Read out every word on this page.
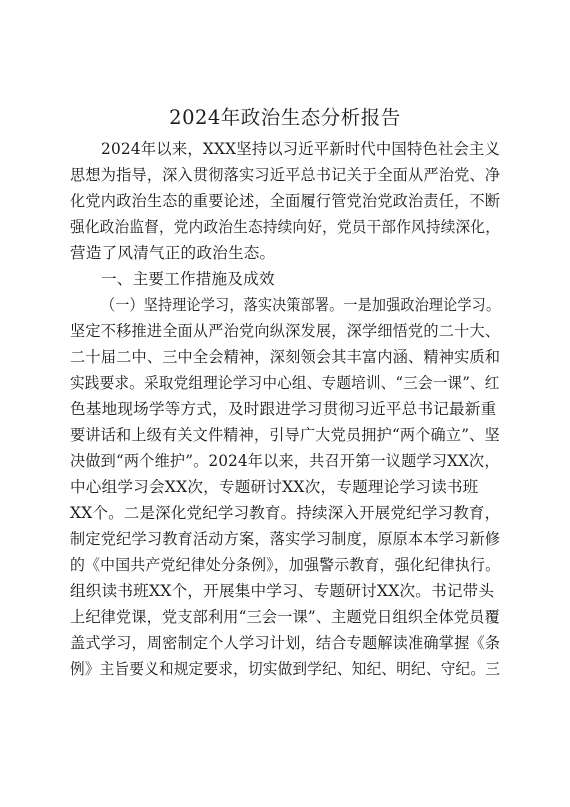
2024年政治生态分析报告
2024年以来，XXX坚持以习近平新时代中国特色社会主义
思想为指导，深入贯彻落实习近平总书记关于全面从严治党、净
化党内政治生态的重要论述，全面履行管党治党政治责任，不断
强化政治监督，党内政治生态持续向好，党员干部作风持续深化，
营造了风清气正的政治生态。
一、主要工作措施及成效
（一）坚持理论学习，落实决策部署。一是加强政治理论学习。
坚定不移推进全面从严治党向纵深发展，深学细悟党的二十大、
二十届二中、三中全会精神，深刻领会其丰富内涵、精神实质和
实践要求。采取党组理论学习中心组、专题培训、“三会一课”、红
色基地现场学等方式，及时跟进学习贯彻习近平总书记最新重
要讲话和上级有关文件精神，引导广大党员拥护“两个确立”、坚
决做到“两个维护”。2024年以来，共召开第一议题学习XX次，
中心组学习会XX次，专题研讨XX次，专题理论学习读书班
XX个。二是深化党纪学习教育。持续深入开展党纪学习教育，
制定党纪学习教育活动方案，落实学习制度，原原本本学习新修
的《中国共产党纪律处分条例》，加强警示教育，强化纪律执行。
组织读书班XX个，开展集中学习、专题研讨XX次。书记带头
上纪律党课，党支部利用“三会一课”、主题党日组织全体党员覆
盖式学习，周密制定个人学习计划，结合专题解读准确掌握《条
例》主旨要义和规定要求，切实做到学纪、知纪、明纪、守纪。三
